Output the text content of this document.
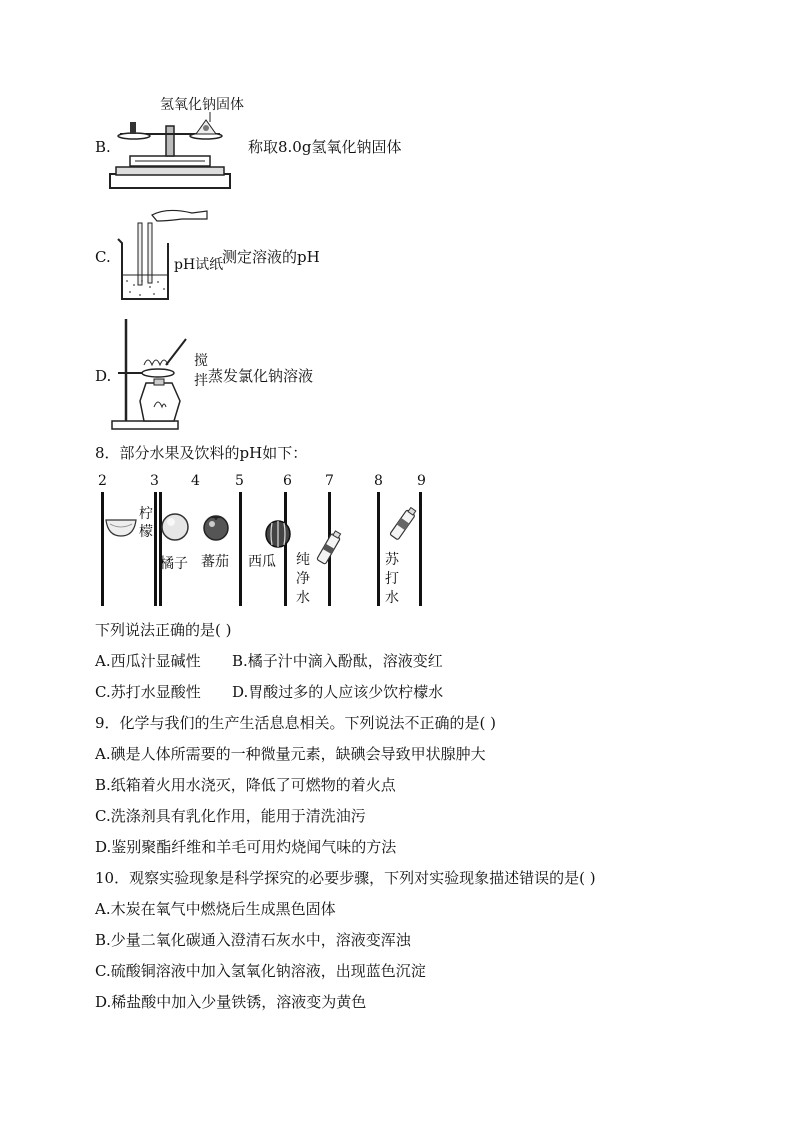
氢氧化钠固体
B.	称取8.0g氢氧化钠固体
C.	pH试纸
测定溶液的pH
D.
搅
拌 蒸发氯化钠溶液
8．部分水果及饮料的pH如下：
2	3 4	5	6 7	8 9
柠
檬
橘子 蕃茄 西瓜 纯
净
水
苏
打
水
下列说法正确的是( )
A.西瓜汁显碱性 B.橘子汁中滴入酚酞，溶液变红
C.苏打水显酸性 D.胃酸过多的人应该少饮柠檬水
9．化学与我们的生产生活息息相关。下列说法不正确的是( )
A.碘是人体所需要的一种微量元素，缺碘会导致甲状腺肿大
B.纸箱着火用水浇灭，降低了可燃物的着火点
C.洗涤剂具有乳化作用，能用于清洗油污
D.鉴别聚酯纤维和羊毛可用灼烧闻气味的方法
10．观察实验现象是科学探究的必要步骤，下列对实验现象描述错误的是( )
A.木炭在氧气中燃烧后生成黑色固体
B.少量二氧化碳通入澄清石灰水中，溶液变浑浊
C.硫酸铜溶液中加入氢氧化钠溶液，出现蓝色沉淀
D.稀盐酸中加入少量铁锈，溶液变为黄色
